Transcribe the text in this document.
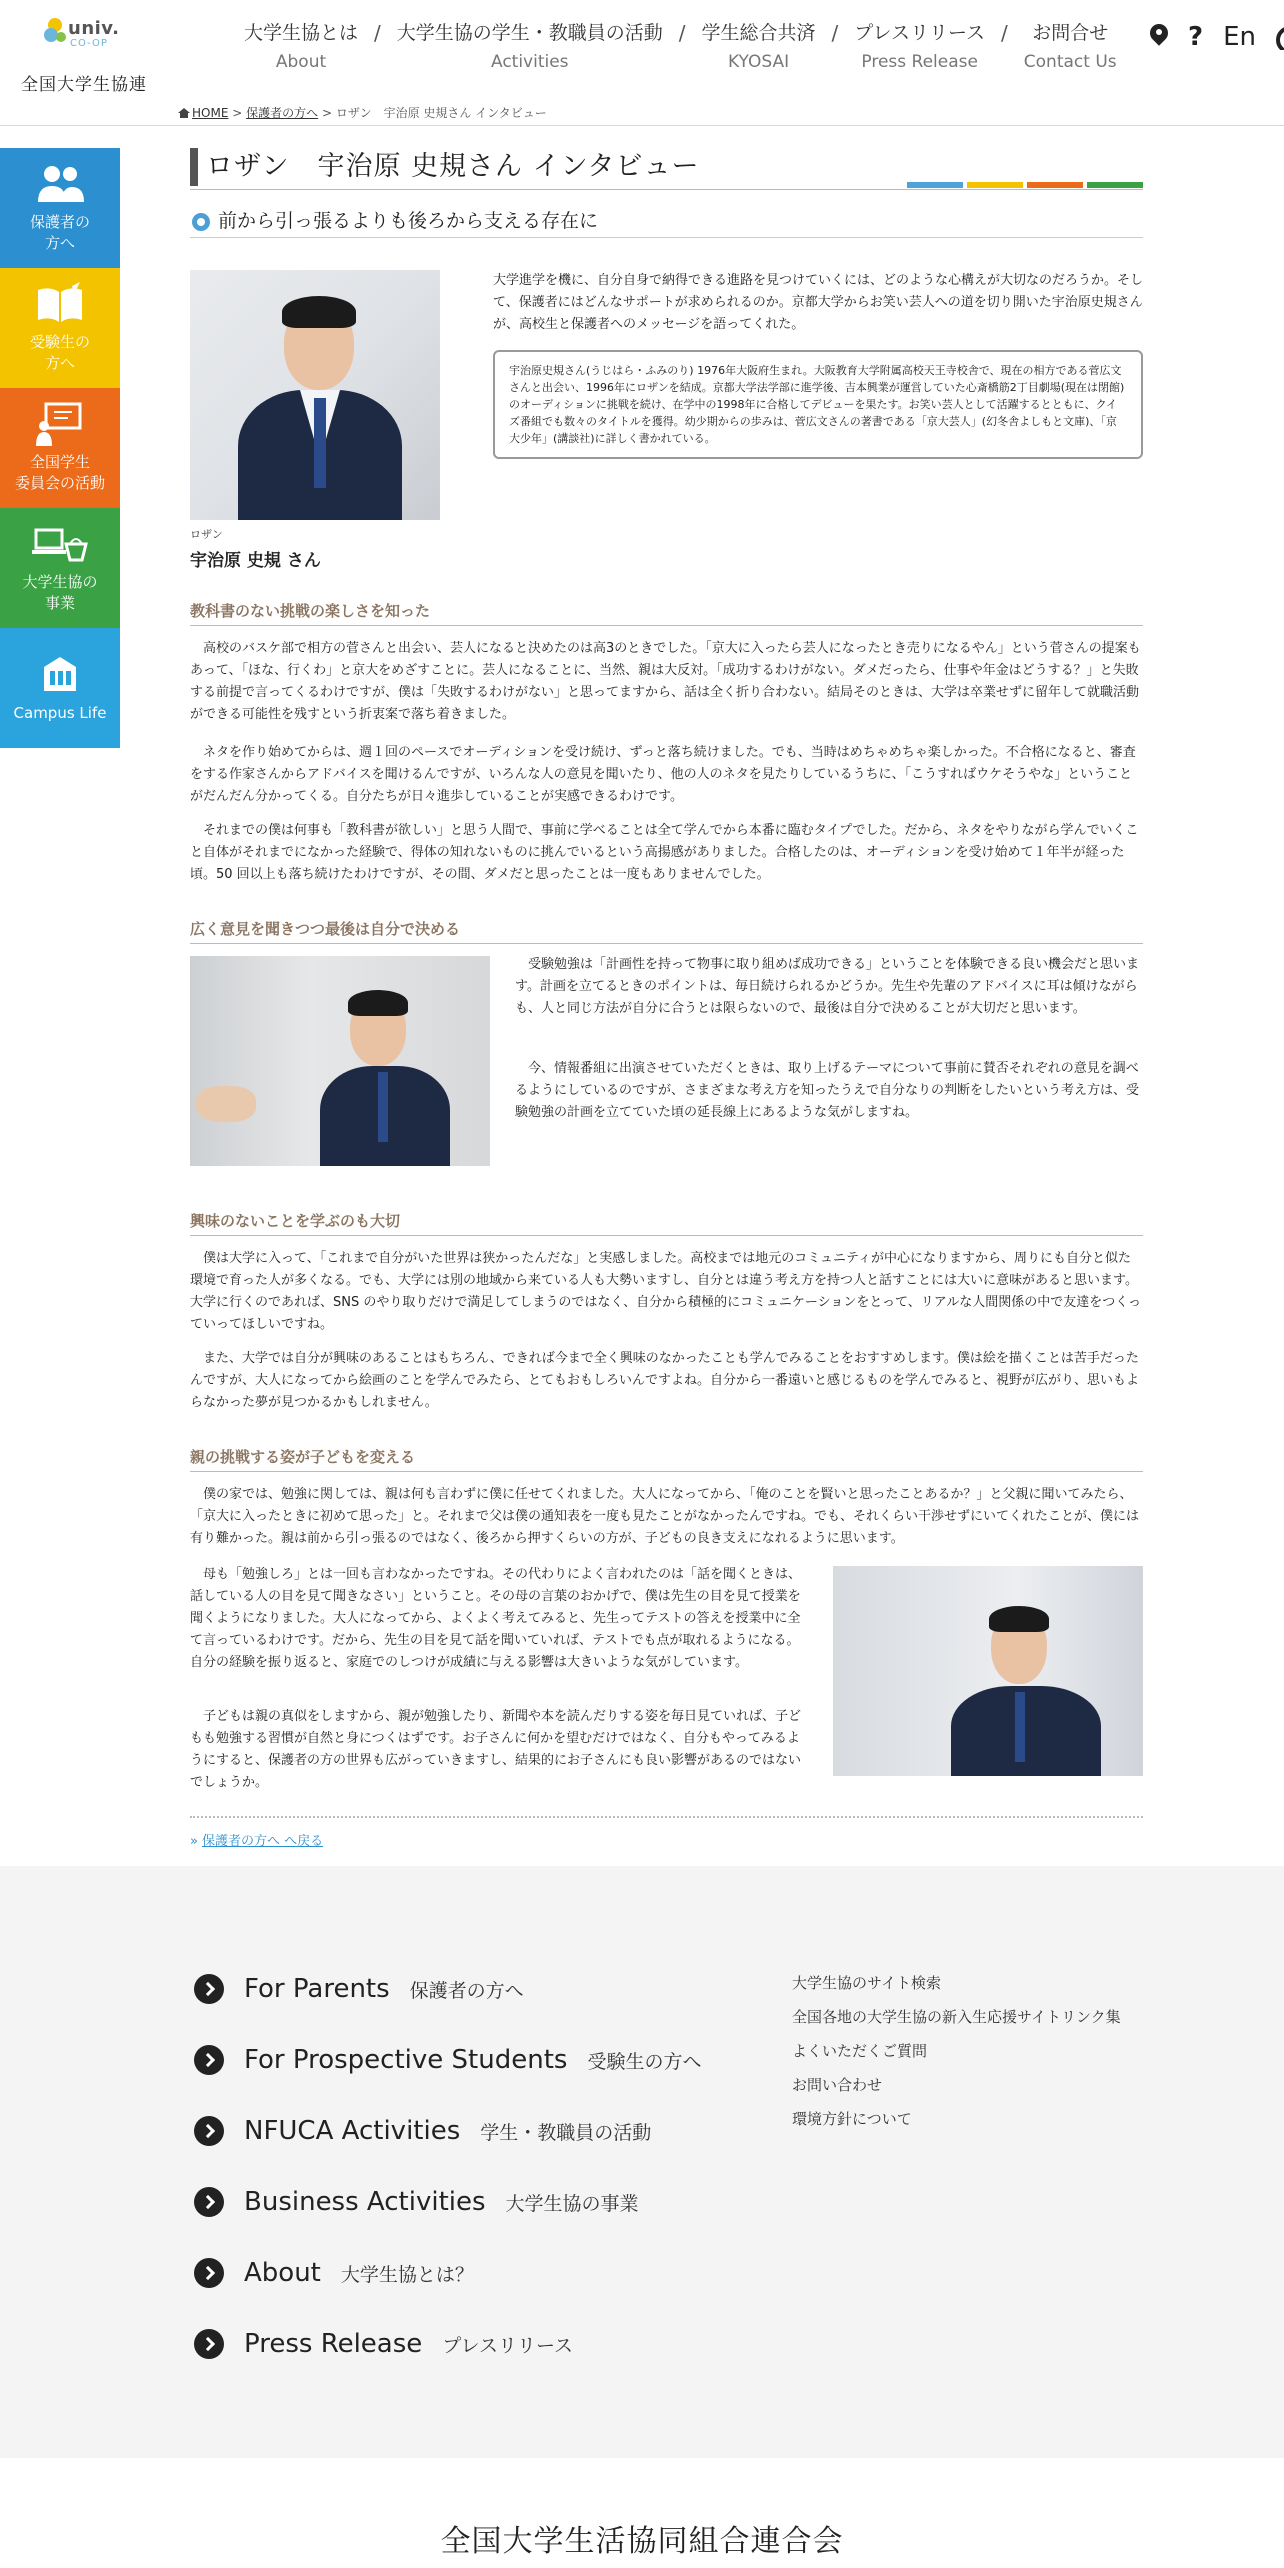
univ.
CO-OP
全国大学生協連
大学生協とは
About
/ 大学生協の学生・教職員の活動
Activities
/ 学生総合共済
KYOSAI
/ プレスリリース
Press Release
/	お問合せ
Contact Us
? En
HOME > 保護者の方へ > ロザン　宇治原 史規さん インタビュー
保護者の
方へ
受験生の
方へ
全国学生
委員会の活動
大学生協の
事業
Campus Life
ロザン　宇治原 史規さん インタビュー
前から引っ張るよりも後ろから支える存在に
ロザン
宇治原 史規 さん
大学進学を機に、自分自身で納得できる進路を見つけていくには、どのような心構えが大切なのだろうか。そして、保護者にはどんなサポートが求められるのか。京都大学からお笑い芸人への道を切り開いた宇治原史規さんが、高校生と保護者へのメッセージを語ってくれた。
宇治原史規さん(うじはら・ふみのり) 1976年大阪府生まれ。大阪教育大学附属高校天王寺校舎で、現在の相方である菅広文さんと出会い、1996年にロザンを結成。京都大学法学部に進学後、吉本興業が運営していた心斎橋筋2丁目劇場(現在は閉館)のオーディションに挑戦を続け、在学中の1998年に合格してデビューを果たす。お笑い芸人として活躍するとともに、クイズ番組でも数々のタイトルを獲得。幼少期からの歩みは、菅広文さんの著書である「京大芸人」(幻冬舎よしもと文庫)、「京大少年」(講談社)に詳しく書かれている。
教科書のない挑戦の楽しさを知った
高校のバスケ部で相方の菅さんと出会い、芸人になると決めたのは高3のときでした。「京大に入ったら芸人になったとき売りになるやん」という菅さんの提案もあって、「ほな、行くわ」と京大をめざすことに。芸人になることに、当然、親は大反対。「成功するわけがない。ダメだったら、仕事や年金はどうする？」と失敗する前提で言ってくるわけですが、僕は「失敗するわけがない」と思ってますから、話は全く折り合わない。結局そのときは、大学は卒業せずに留年して就職活動ができる可能性を残すという折衷案で落ち着きました。
ネタを作り始めてからは、週１回のペースでオーディションを受け続け、ずっと落ち続けました。でも、当時はめちゃめちゃ楽しかった。不合格になると、審査をする作家さんからアドバイスを聞けるんですが、いろんな人の意見を聞いたり、他の人のネタを見たりしているうちに、「こうすればウケそうやな」ということがだんだん分かってくる。自分たちが日々進歩していることが実感できるわけです。
それまでの僕は何事も「教科書が欲しい」と思う人間で、事前に学べることは全て学んでから本番に臨むタイプでした。だから、ネタをやりながら学んでいくこと自体がそれまでになかった経験で、得体の知れないものに挑んでいるという高揚感がありました。合格したのは、オーディションを受け始めて１年半が経った頃。50 回以上も落ち続けたわけですが、その間、ダメだと思ったことは一度もありませんでした。
広く意見を聞きつつ最後は自分で決める
受験勉強は「計画性を持って物事に取り組めば成功できる」ということを体験できる良い機会だと思います。計画を立てるときのポイントは、毎日続けられるかどうか。先生や先輩のアドバイスに耳は傾けながらも、人と同じ方法が自分に合うとは限らないので、最後は自分で決めることが大切だと思います。
今、情報番組に出演させていただくときは、取り上げるテーマについて事前に賛否それぞれの意見を調べるようにしているのですが、さまざまな考え方を知ったうえで自分なりの判断をしたいという考え方は、受験勉強の計画を立てていた頃の延長線上にあるような気がしますね。
興味のないことを学ぶのも大切
僕は大学に入って、「これまで自分がいた世界は狭かったんだな」と実感しました。高校までは地元のコミュニティが中心になりますから、周りにも自分と似た環境で育った人が多くなる。でも、大学には別の地域から来ている人も大勢いますし、自分とは違う考え方を持つ人と話すことには大いに意味があると思います。大学に行くのであれば、SNS のやり取りだけで満足してしまうのではなく、自分から積極的にコミュニケーションをとって、リアルな人間関係の中で友達をつくっていってほしいですね。
また、大学では自分が興味のあることはもちろん、できれば今まで全く興味のなかったことも学んでみることをおすすめします。僕は絵を描くことは苦手だったんですが、大人になってから絵画のことを学んでみたら、とてもおもしろいんですよね。自分から一番遠いと感じるものを学んでみると、視野が広がり、思いもよらなかった夢が見つかるかもしれません。
親の挑戦する姿が子どもを変える
僕の家では、勉強に関しては、親は何も言わずに僕に任せてくれました。大人になってから、「俺のことを賢いと思ったことあるか？」と父親に聞いてみたら、「京大に入ったときに初めて思った」と。それまで父は僕の通知表を一度も見たことがなかったんですね。でも、それくらい干渉せずにいてくれたことが、僕には有り難かった。親は前から引っ張るのではなく、後ろから押すくらいの方が、子どもの良き支えになれるように思います。
母も「勉強しろ」とは一回も言わなかったですね。その代わりによく言われたのは「話を聞くときは、話している人の目を見て聞きなさい」ということ。その母の言葉のおかげで、僕は先生の目を見て授業を聞くようになりました。大人になってから、よくよく考えてみると、先生ってテストの答えを授業中に全て言っているわけです。だから、先生の目を見て話を聞いていれば、テストでも点が取れるようになる。自分の経験を振り返ると、家庭でのしつけが成績に与える影響は大きいような気がしています。
子どもは親の真似をしますから、親が勉強したり、新聞や本を読んだりする姿を毎日見ていれば、子どもも勉強する習慣が自然と身につくはずです。お子さんに何かを望むだけではなく、自分もやってみるようにすると、保護者の方の世界も広がっていきますし、結果的にお子さんにも良い影響があるのではないでしょうか。
» 保護者の方へ へ戻る
For Parents 保護者の方へ
For Prospective Students 受験生の方へ
NFUCA Activities 学生・教職員の活動
Business Activities 大学生協の事業
About 大学生協とは？
Press Release プレスリリース
大学生協のサイト検索
全国各地の大学生協の新入生応援サイトリンク集
よくいただくご質問
お問い合わせ
環境方針について
全国大学生活協同組合連合会
